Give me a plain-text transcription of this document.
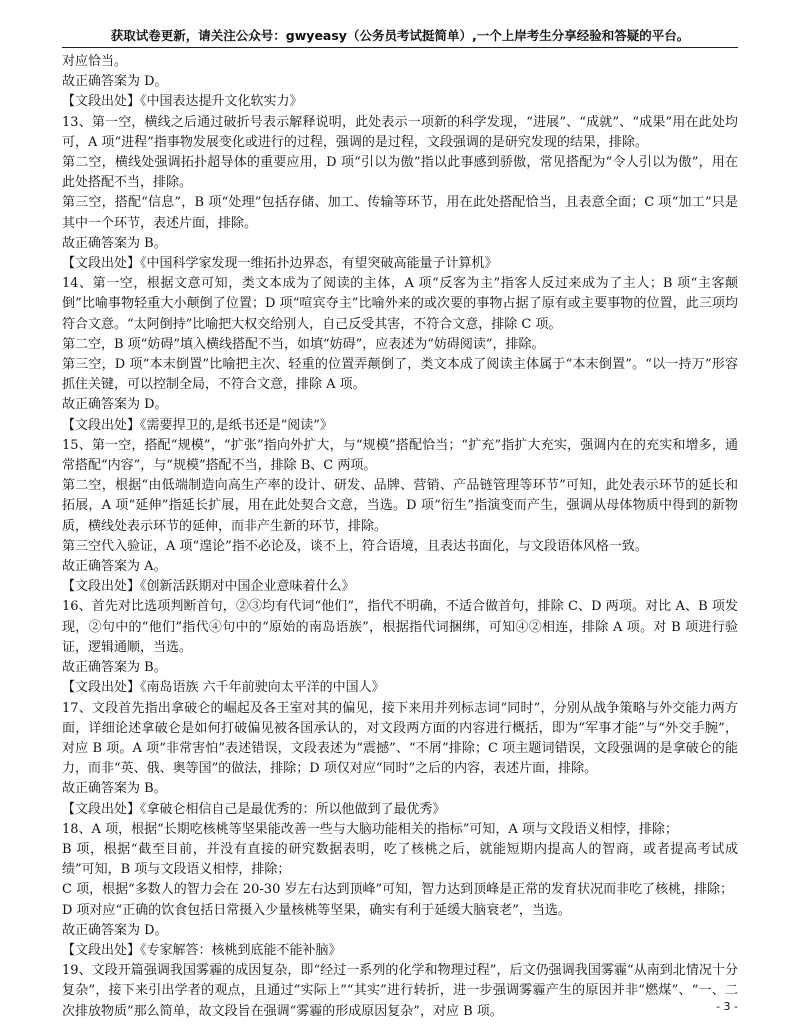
获取试卷更新，请关注公众号：gwyeasy（公务员考试挺简单）,一个上岸考生分享经验和答疑的平台。

对应恰当。

故正确答案为 D。

【文段出处】《中国表达提升文化软实力》

13、第一空，横线之后通过破折号表示解释说明，此处表示一项新的科学发现，“进展”、“成就”、“成果”用在此处均可，A 项“进程”指事物发展变化或进行的过程，强调的是过程，文段强调的是研究发现的结果，排除。

第二空，横线处强调拓扑超导体的重要应用，D 项“引以为傲”指以此事感到骄傲，常见搭配为“令人引以为傲”，用在此处搭配不当，排除。

第三空，搭配“信息”，B 项“处理”包括存储、加工、传输等环节，用在此处搭配恰当，且表意全面；C 项“加工”只是其中一个环节，表述片面，排除。

故正确答案为 B。

【文段出处】《中国科学家发现一维拓扑边界态，有望突破高能量子计算机》

14、第一空，根据文意可知，类文本成为了阅读的主体，A 项“反客为主”指客人反过来成为了主人；B 项“主客颠倒”比喻事物轻重大小颠倒了位置；D 项“喧宾夺主”比喻外来的或次要的事物占据了原有或主要事物的位置，此三项均符合文意。“太阿倒持”比喻把大权交给别人，自己反受其害，不符合文意，排除 C 项。

第二空，B 项“妨碍”填入横线搭配不当，如填“妨碍”，应表述为“妨碍阅读”，排除。

第三空，D 项“本末倒置”比喻把主次、轻重的位置弄颠倒了，类文本成了阅读主体属于“本末倒置”。“以一持万”形容抓住关键，可以控制全局，不符合文意，排除 A 项。

故正确答案为 D。

【文段出处】《需要捍卫的,是纸书还是“阅读”》

15、第一空，搭配“规模”，“扩张”指向外扩大，与“规模”搭配恰当；“扩充”指扩大充实，强调内在的充实和增多，通常搭配“内容”，与“规模”搭配不当，排除 B、C 两项。

第二空，根据“由低端制造向高生产率的设计、研发、品牌、营销、产品链管理等环节”可知，此处表示环节的延长和拓展，A 项“延伸”指延长扩展，用在此处契合文意，当选。D 项“衍生”指演变而产生，强调从母体物质中得到的新物质，横线处表示环节的延伸，而非产生新的环节，排除。

第三空代入验证，A 项“遑论”指不必论及，谈不上，符合语境，且表达书面化，与文段语体风格一致。

故正确答案为 A。

【文段出处】《创新活跃期对中国企业意味着什么》

16、首先对比选项判断首句，②③均有代词“他们”，指代不明确，不适合做首句，排除 C、D 两项。对比 A、B 项发现，②句中的“他们”指代④句中的“原始的南岛语族”，根据指代词捆绑，可知④②相连，排除 A 项。对 B 项进行验证，逻辑通顺，当选。

故正确答案为 B。

【文段出处】《南岛语族 六千年前驶向太平洋的中国人》

17、文段首先指出拿破仑的崛起及各王室对其的偏见，接下来用并列标志词“同时”，分别从战争策略与外交能力两方面，详细论述拿破仑是如何打破偏见被各国承认的，对文段两方面的内容进行概括，即为“军事才能”与“外交手腕”，对应 B 项。A 项“非常害怕”表述错误，文段表述为“震撼”、“不屑”排除；C 项主题词错误，文段强调的是拿破仑的能力，而非“英、俄、奥等国”的做法，排除；D 项仅对应“同时”之后的内容，表述片面，排除。

故正确答案为 B。

【文段出处】《拿破仑相信自己是最优秀的：所以他做到了最优秀》

18、A 项，根据“长期吃核桃等坚果能改善一些与大脑功能相关的指标”可知，A 项与文段语义相悖，排除；

B 项，根据“截至目前，并没有直接的研究数据表明，吃了核桃之后，就能短期内提高人的智商，或者提高考试成绩”可知，B 项与文段语义相悖，排除；

C 项，根据“多数人的智力会在 20-30 岁左右达到顶峰”可知，智力达到顶峰是正常的发育状况而非吃了核桃，排除；

D 项对应“正确的饮食包括日常摄入少量核桃等坚果，确实有利于延缓大脑衰老”，当选。

故正确答案为 D。

【文段出处】《专家解答：核桃到底能不能补脑》

19、文段开篇强调我国雾霾的成因复杂，即“经过一系列的化学和物理过程”，后文仍强调我国雾霾“从南到北情况十分复杂”，接下来引出学者的观点，且通过“实际上”“其实”进行转折，进一步强调雾霾产生的原因并非“燃煤”、“一、二次排放物质”那么简单，故文段旨在强调“雾霾的形成原因复杂”，对应 B 项。	- 3 -
